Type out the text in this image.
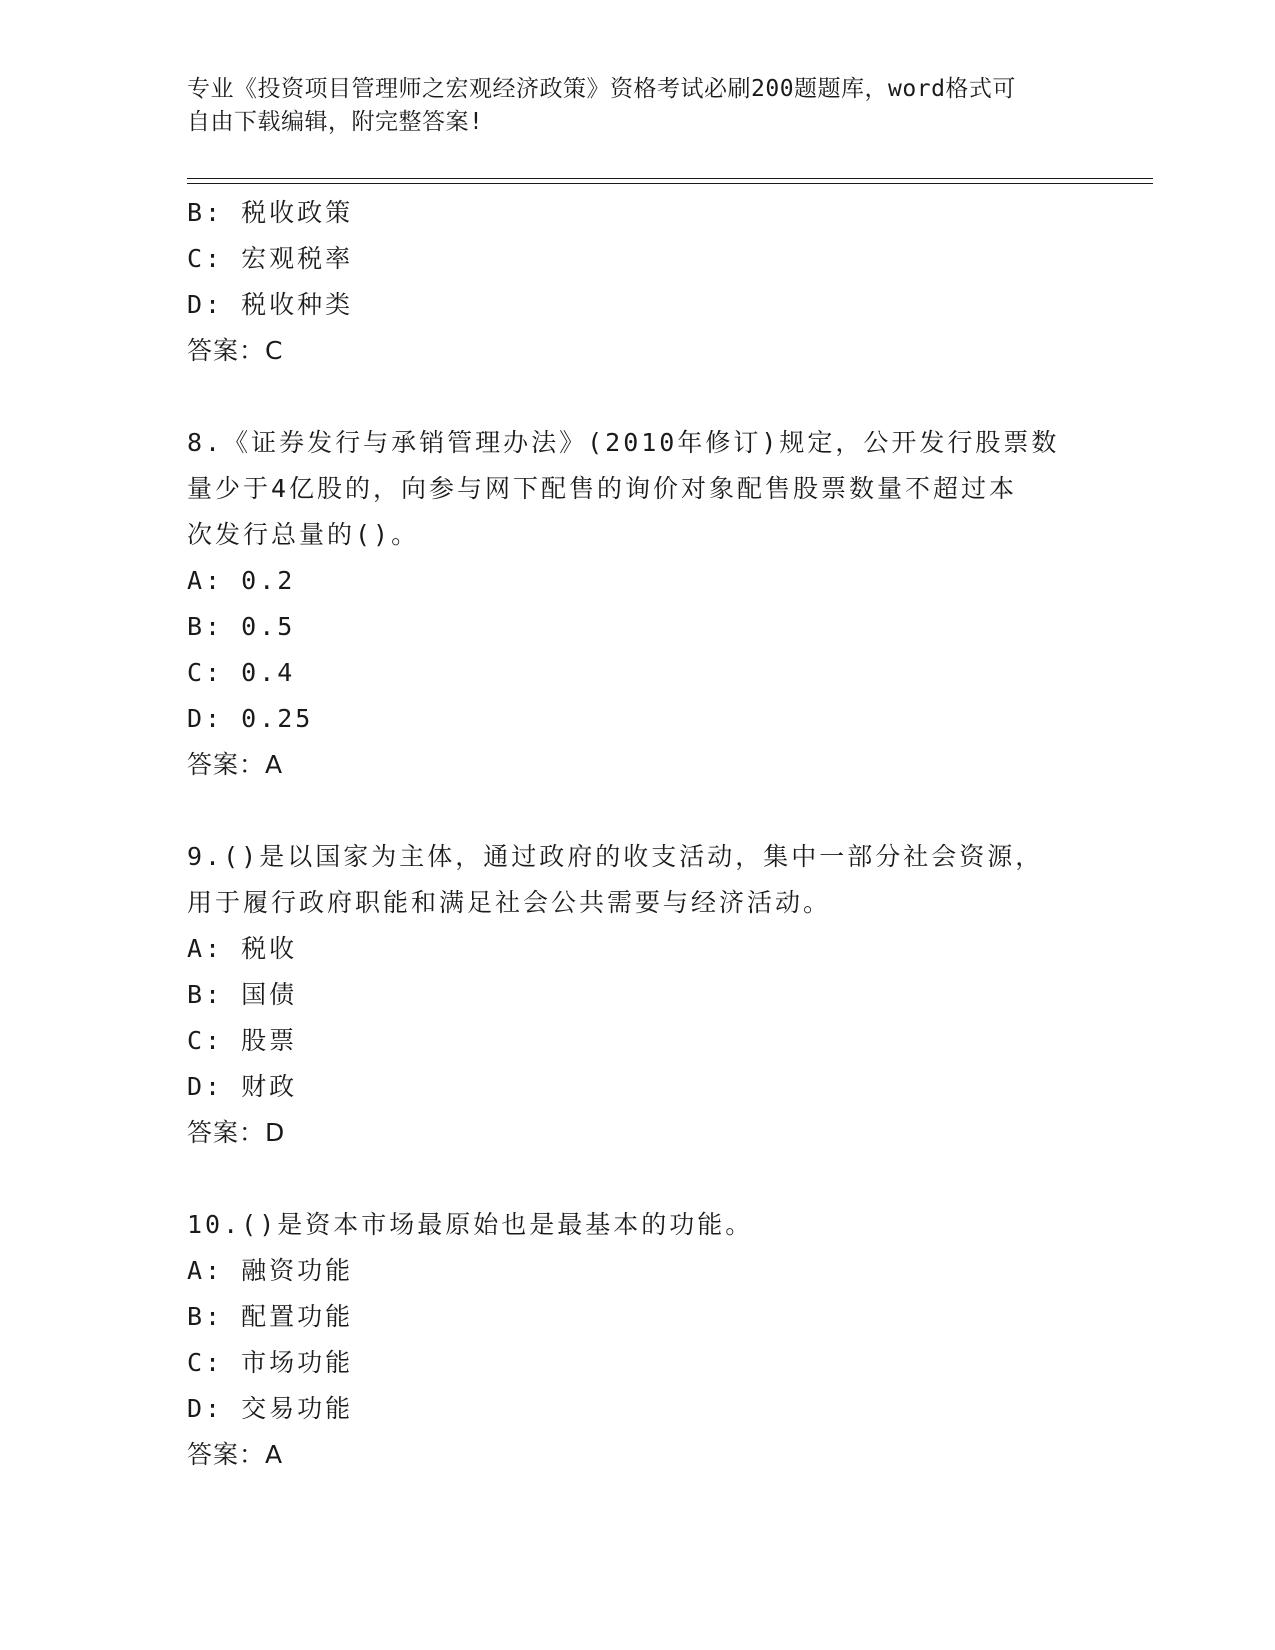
专业《投资项目管理师之宏观经济政策》资格考试必刷200题题库，word格式可
自由下载编辑，附完整答案!
B: 税收政策
C: 宏观税率
D: 税收种类
答案：C
8.《证券发行与承销管理办法》(2010年修订)规定，公开发行股票数
量少于4亿股的，向参与网下配售的询价对象配售股票数量不超过本
次发行总量的()。
A: 0.2
B: 0.5
C: 0.4
D: 0.25
答案：A
9.()是以国家为主体，通过政府的收支活动，集中一部分社会资源，
用于履行政府职能和满足社会公共需要与经济活动。
A: 税收
B: 国债
C: 股票
D: 财政
答案：D
10.()是资本市场最原始也是最基本的功能。
A: 融资功能
B: 配置功能
C: 市场功能
D: 交易功能
答案：A
